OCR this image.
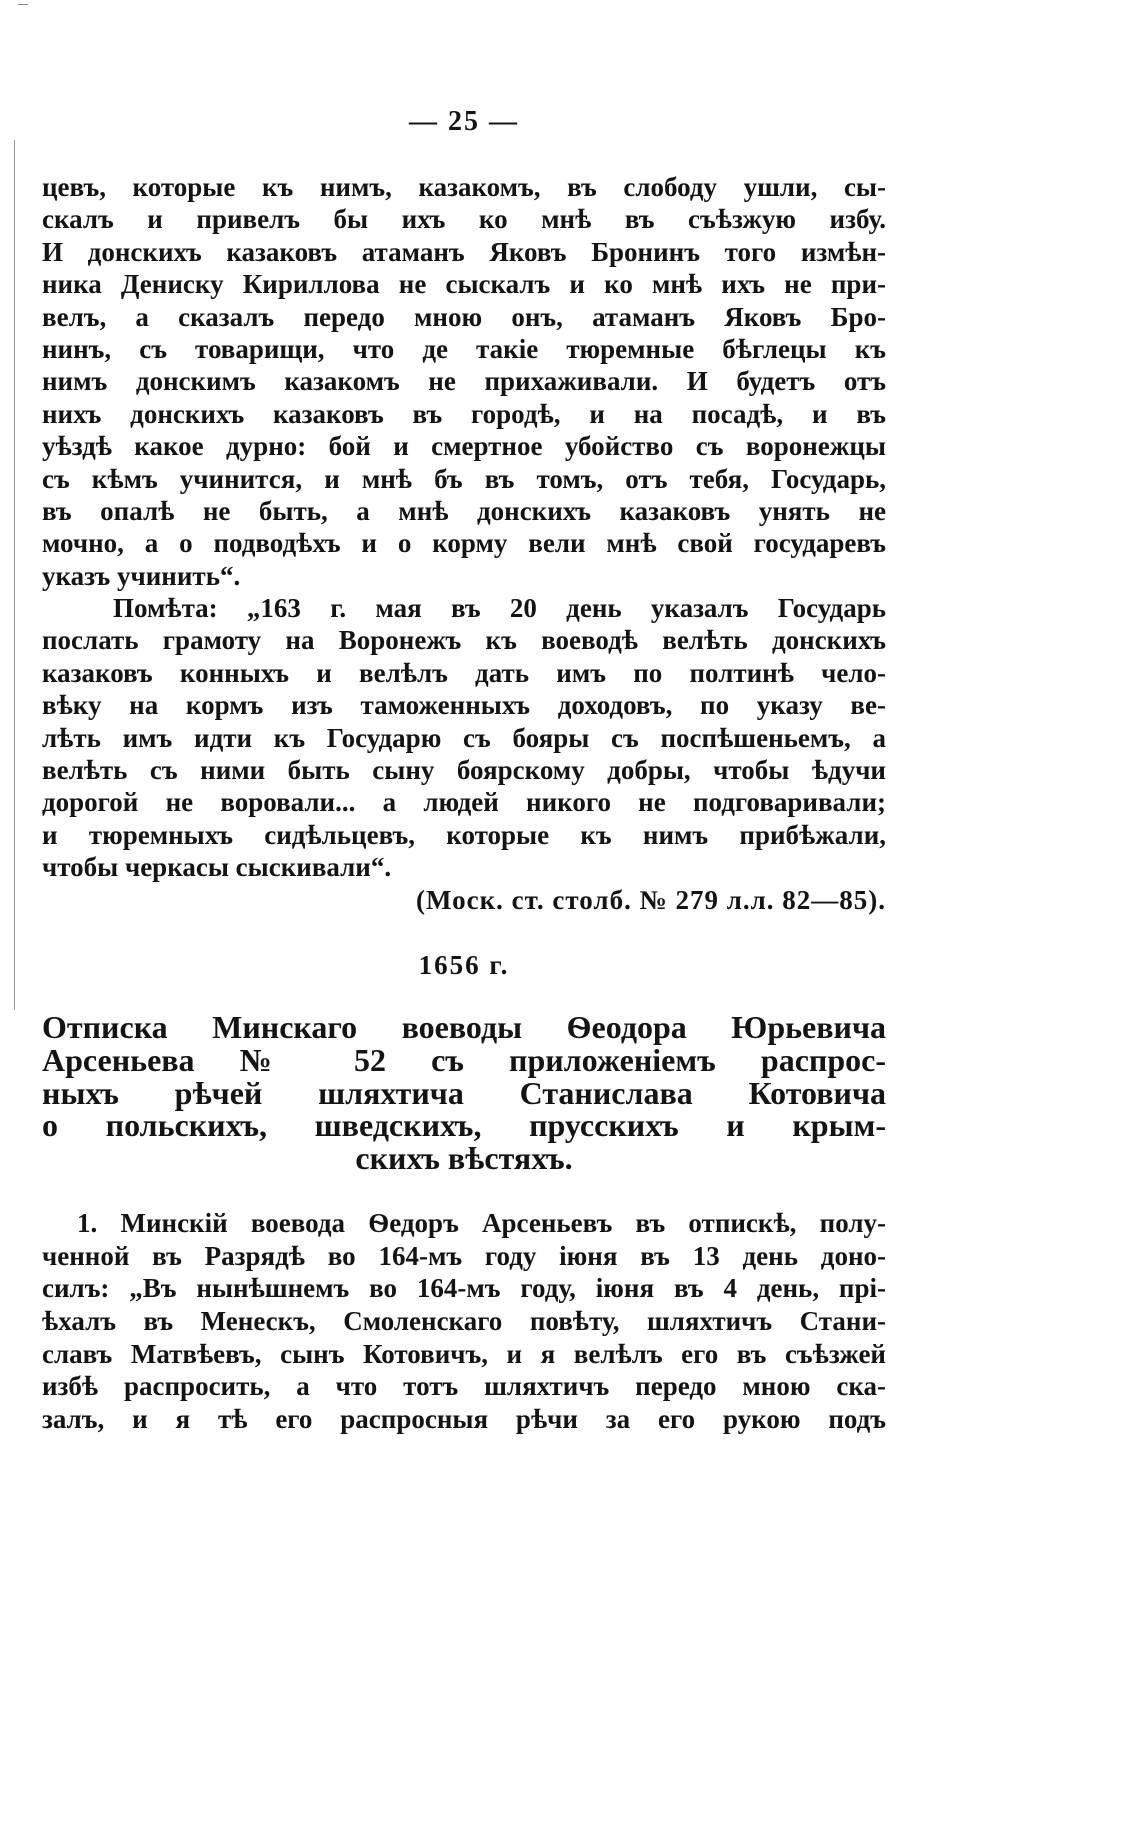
— 25 —
цевъ, которые къ нимъ, казакомъ, въ слободу ушли, сы-
скалъ и привелъ бы ихъ ко мнѣ въ съѣзжую избу.
И донскихъ казаковъ атаманъ Яковъ Бронинъ того измѣн-
ника Дениску Кириллова не сыскалъ и ко мнѣ ихъ не при-
велъ, а сказалъ передо мною онъ, атаманъ Яковъ Бро-
нинъ, съ товарищи, что де такіе тюремные бѣглецы къ
нимъ донскимъ казакомъ не прихаживали. И будетъ отъ
нихъ донскихъ казаковъ въ городѣ, и на посадѣ, и въ
уѣздѣ какое дурно: бой и смертное убойство съ воронежцы
съ кѣмъ учинится, и мнѣ бъ въ томъ, отъ тебя, Государь,
въ опалѣ не быть, а мнѣ донскихъ казаковъ унять не
мочно, а о подводѣхъ и о корму вели мнѣ свой государевъ
указъ учинить“.
Помѣта: „163 г. мая въ 20 день указалъ Государь
послать грамоту на Воронежъ къ воеводѣ велѣть донскихъ
казаковъ конныхъ и велѣлъ дать имъ по полтинѣ чело-
вѣку на кормъ изъ таможенныхъ доходовъ, по указу ве-
лѣть имъ идти къ Государю съ бояры съ поспѣшеньемъ, а
велѣть съ ними быть сыну боярскому добры, чтобы ѣдучи
дорогой не воровали... а людей никого не подговаривали;
и тюремныхъ сидѣльцевъ, которые къ нимъ прибѣжали,
чтобы черкасы сыскивали“.
(Моск. ст. столб. № 279 л.л. 82—85).
1656 г.
Отписка Минскаго воеводы Ѳеодора Юрьевича
Арсеньева № 52 съ приложеніемъ распрос-
ныхъ рѣчей шляхтича Станислава Котовича
о польскихъ, шведскихъ, прусскихъ и крым-
скихъ вѣстяхъ.
1. Минскій воевода Ѳедоръ Арсеньевъ въ отпискѣ, полу-
ченной въ Разрядѣ во 164-мъ году іюня въ 13 день доно-
силъ: „Въ нынѣшнемъ во 164-мъ году, іюня въ 4 день, прі-
ѣхалъ въ Менескъ, Смоленскаго повѣту, шляхтичъ Стани-
славъ Матвѣевъ, сынъ Котовичъ, и я велѣлъ его въ съѣзжей
избѣ распросить, а что тотъ шляхтичъ передо мною ска-
залъ, и я тѣ его распросныя рѣчи за его рукою подъ
